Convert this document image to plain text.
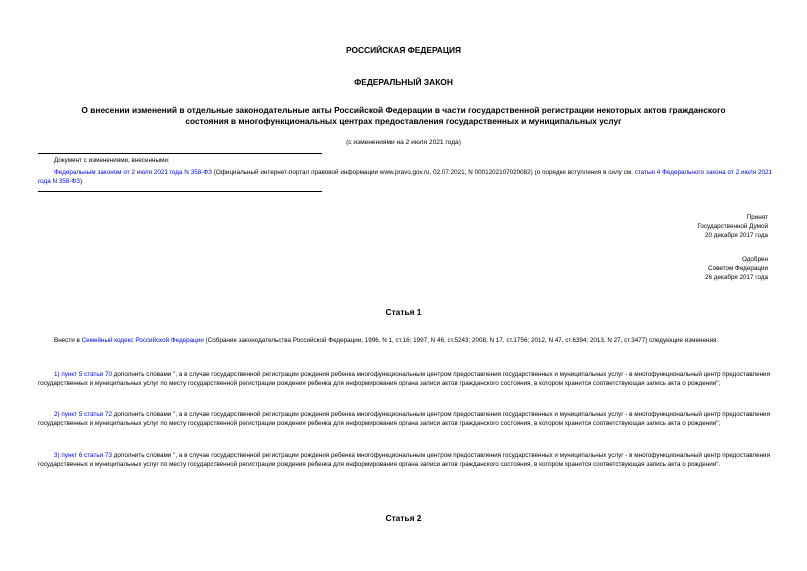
РОССИЙСКАЯ ФЕДЕРАЦИЯ
ФЕДЕРАЛЬНЫЙ ЗАКОН
О внесении изменений в отдельные законодательные акты Российской Федерации в части государственной регистрации некоторых актов гражданского состояния в многофункциональных центрах предоставления государственных и муниципальных услуг
(с изменениями на 2 июля 2021 года)
Документ с изменениями, внесенными:
Федеральным законом от 2 июля 2021 года N 358-ФЗ (Официальный интернет-портал правовой информации www.pravo.gov.ru, 02.07.2021, N 0001202107020082) (о порядке вступления в силу см. статью 4 Федерального закона от 2 июля 2021 года N 358-ФЗ).
Принят
Государственной Думой
20 декабря 2017 года
Одобрен
Советом Федерации
26 декабря 2017 года
Статья 1
Внести в Семейный кодекс Российской Федерации (Собрание законодательства Российской Федерации, 1996, N 1, ст.16; 1997, N 46, ст.5243; 2008, N 17, ст.1756; 2012, N 47, ст.6394; 2013, N 27, ст.3477) следующие изменения:
1) пункт 5 статьи 70 дополнить словами ", а в случае государственной регистрации рождения ребенка многофункциональным центром предоставления государственных и муниципальных услуг - в многофункциональный центр предоставления государственных и муниципальных услуг по месту государственной регистрации рождения ребенка для информирования органа записи актов гражданского состояния, в котором хранится соответствующая запись акта о рождении";
2) пункт 5 статьи 72 дополнить словами ", а в случае государственной регистрации рождения ребенка многофункциональным центром предоставления государственных и муниципальных услуг - в многофункциональный центр предоставления государственных и муниципальных услуг по месту государственной регистрации рождения ребенка для информирования органа записи актов гражданского состояния, в котором хранится соответствующая запись акта о рождении";
3) пункт 6 статьи 73 дополнить словами ", а в случае государственной регистрации рождения ребенка многофункциональным центром предоставления государственных и муниципальных услуг - в многофункциональный центр предоставления государственных и муниципальных услуг по месту государственной регистрации рождения ребенка для информирования органа записи актов гражданского состояния, в котором хранится соответствующая запись акта о рождении".
Статья 2
